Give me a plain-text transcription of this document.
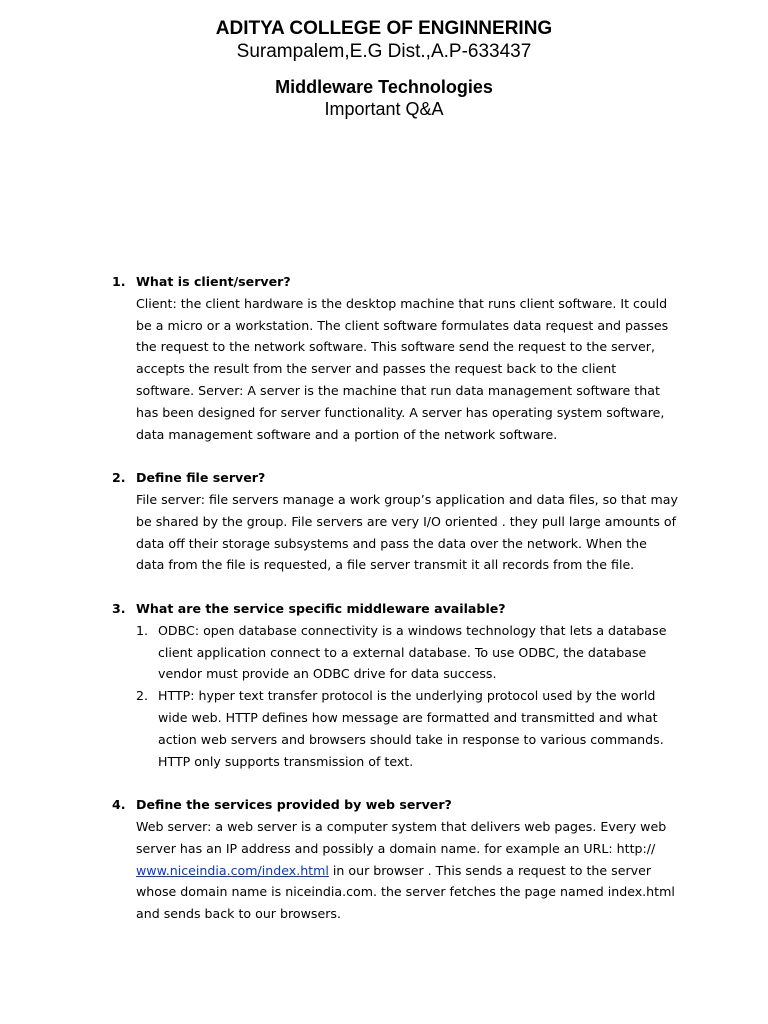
ADITYA COLLEGE OF ENGINNERING
Surampalem,E.G Dist.,A.P-633437
Middleware Technologies
Important Q&A
1. What is client/server?
Client: the client hardware is the desktop machine that runs client software. It could be a micro or a workstation. The client software formulates data request and passes the request to the network software. This software send the request to the server, accepts the result from the server and passes the request back to the client software. Server: A server is the machine that run data management software that has been designed for server functionality. A server has operating system software, data management software and a portion of the network software.
2. Define file server?
File server: file servers manage a work group’s application and data files, so that may be shared by the group. File servers are very I/O oriented . they pull large amounts of data off their storage subsystems and pass the data over the network. When the data from the file is requested, a file server transmit it all records from the file.
3. What are the service specific middleware available?
1. ODBC: open database connectivity is a windows technology that lets a database client application connect to a external database. To use ODBC, the database vendor must provide an ODBC drive for data success.
2. HTTP: hyper text transfer protocol is the underlying protocol used by the world wide web. HTTP defines how message are formatted and transmitted and what action web servers and browsers should take in response to various commands. HTTP only supports transmission of text.
4. Define the services provided by web server?
Web server: a web server is a computer system that delivers web pages. Every web server has an IP address and possibly a domain name. for example an URL: http:// www.niceindia.com/index.html in our browser . This sends a request to the server whose domain name is niceindia.com. the server fetches the page named index.html and sends back to our browsers.
